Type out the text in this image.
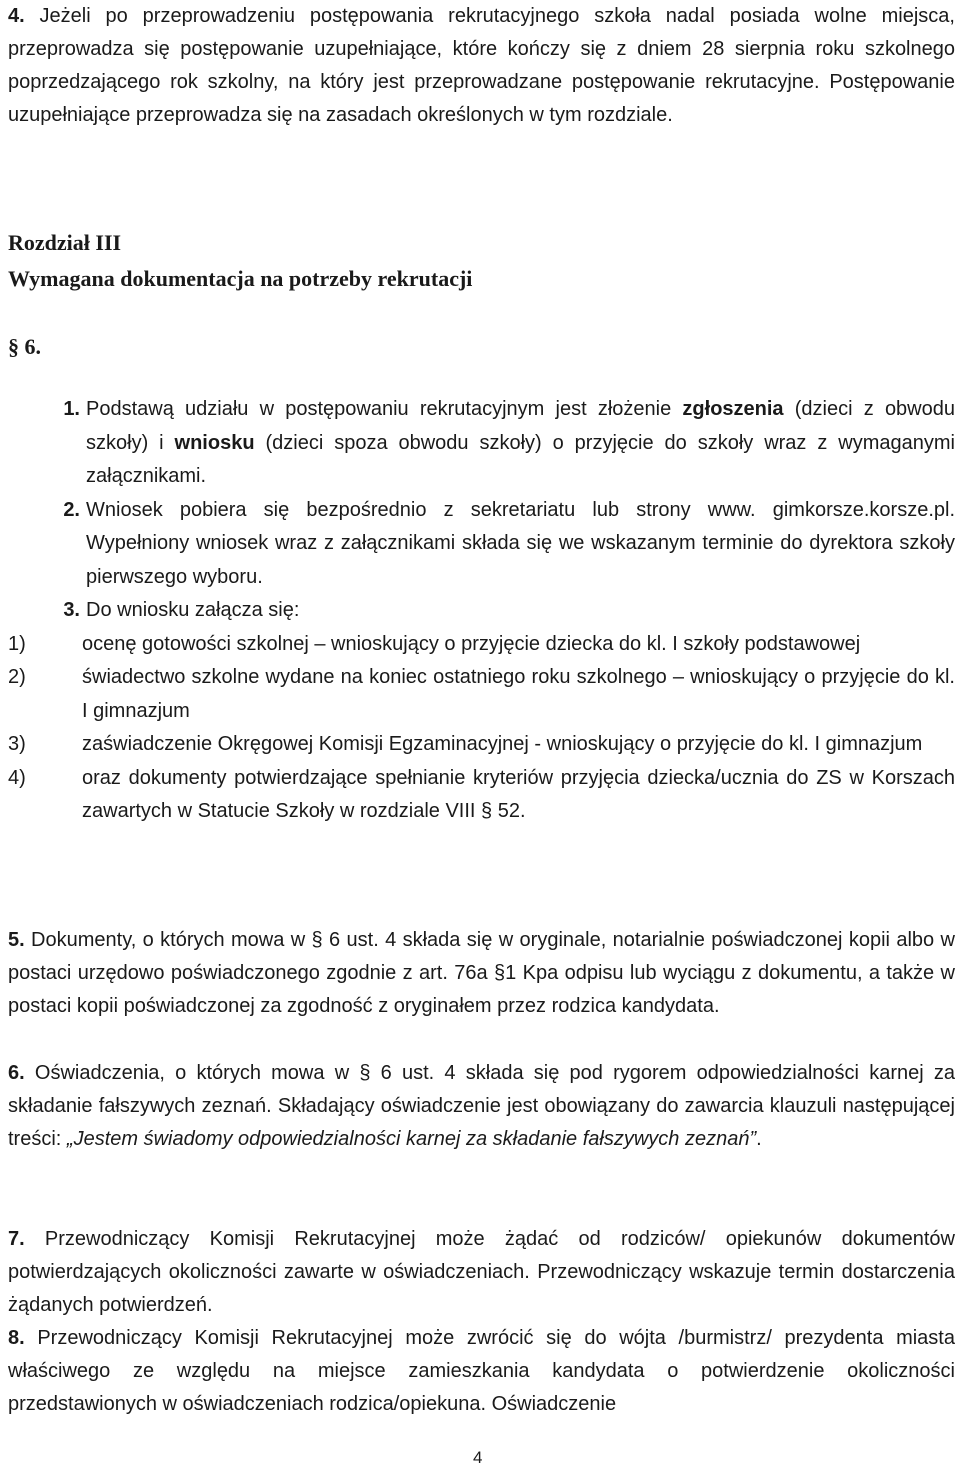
4. Jeżeli po przeprowadzeniu postępowania rekrutacyjnego szkoła nadal posiada wolne miejsca, przeprowadza się postępowanie uzupełniające, które kończy się z dniem 28 sierpnia roku szkolnego poprzedzającego rok szkolny, na który jest przeprowadzane postępowanie rekrutacyjne. Postępowanie uzupełniające przeprowadza się na zasadach określonych w tym rozdziale.
Rozdział III
Wymagana dokumentacja na potrzeby rekrutacji
§ 6.
1. Podstawą udziału w postępowaniu rekrutacyjnym jest złożenie zgłoszenia (dzieci z obwodu szkoły) i wniosku (dzieci spoza obwodu szkoły) o przyjęcie do szkoły wraz z wymaganymi załącznikami.
2. Wniosek pobiera się bezpośrednio z sekretariatu lub strony www. gimkorsze.korsze.pl. Wypełniony wniosek wraz z załącznikami składa się we wskazanym terminie do dyrektora szkoły pierwszego wyboru.
3. Do wniosku załącza się:
1)	ocenę gotowości szkolnej – wnioskujący o przyjęcie dziecka do kl. I szkoły podstawowej
2)	świadectwo szkolne wydane na koniec ostatniego roku szkolnego – wnioskujący o przyjęcie do kl. I gimnazjum
3)	zaświadczenie Okręgowej Komisji Egzaminacyjnej - wnioskujący o przyjęcie do kl. I gimnazjum
4)	oraz dokumenty potwierdzające spełnianie kryteriów przyjęcia dziecka/ucznia do ZS w Korszach zawartych w Statucie Szkoły w rozdziale VIII § 52.
5. Dokumenty, o których mowa w § 6 ust. 4 składa się w oryginale, notarialnie poświadczonej kopii albo w postaci urzędowo poświadczonego zgodnie z art. 76a §1 Kpa odpisu lub wyciągu z dokumentu, a także w postaci kopii poświadczonej za zgodność z oryginałem przez rodzica kandydata.
6. Oświadczenia, o których mowa w § 6 ust. 4 składa się pod rygorem odpowiedzialności karnej za składanie fałszywych zeznań. Składający oświadczenie jest obowiązany do zawarcia klauzuli następującej treści: „Jestem świadomy odpowiedzialności karnej za składanie fałszywych zeznań”.
7. Przewodniczący Komisji Rekrutacyjnej może żądać od rodziców/ opiekunów dokumentów potwierdzających okoliczności zawarte w oświadczeniach. Przewodniczący wskazuje termin dostarczenia żądanych potwierdzeń.
8. Przewodniczący Komisji Rekrutacyjnej może zwrócić się do wójta /burmistrz/ prezydenta miasta właściwego ze względu na miejsce zamieszkania kandydata o potwierdzenie okoliczności przedstawionych w oświadczeniach rodzica/opiekuna. Oświadczenie
4
